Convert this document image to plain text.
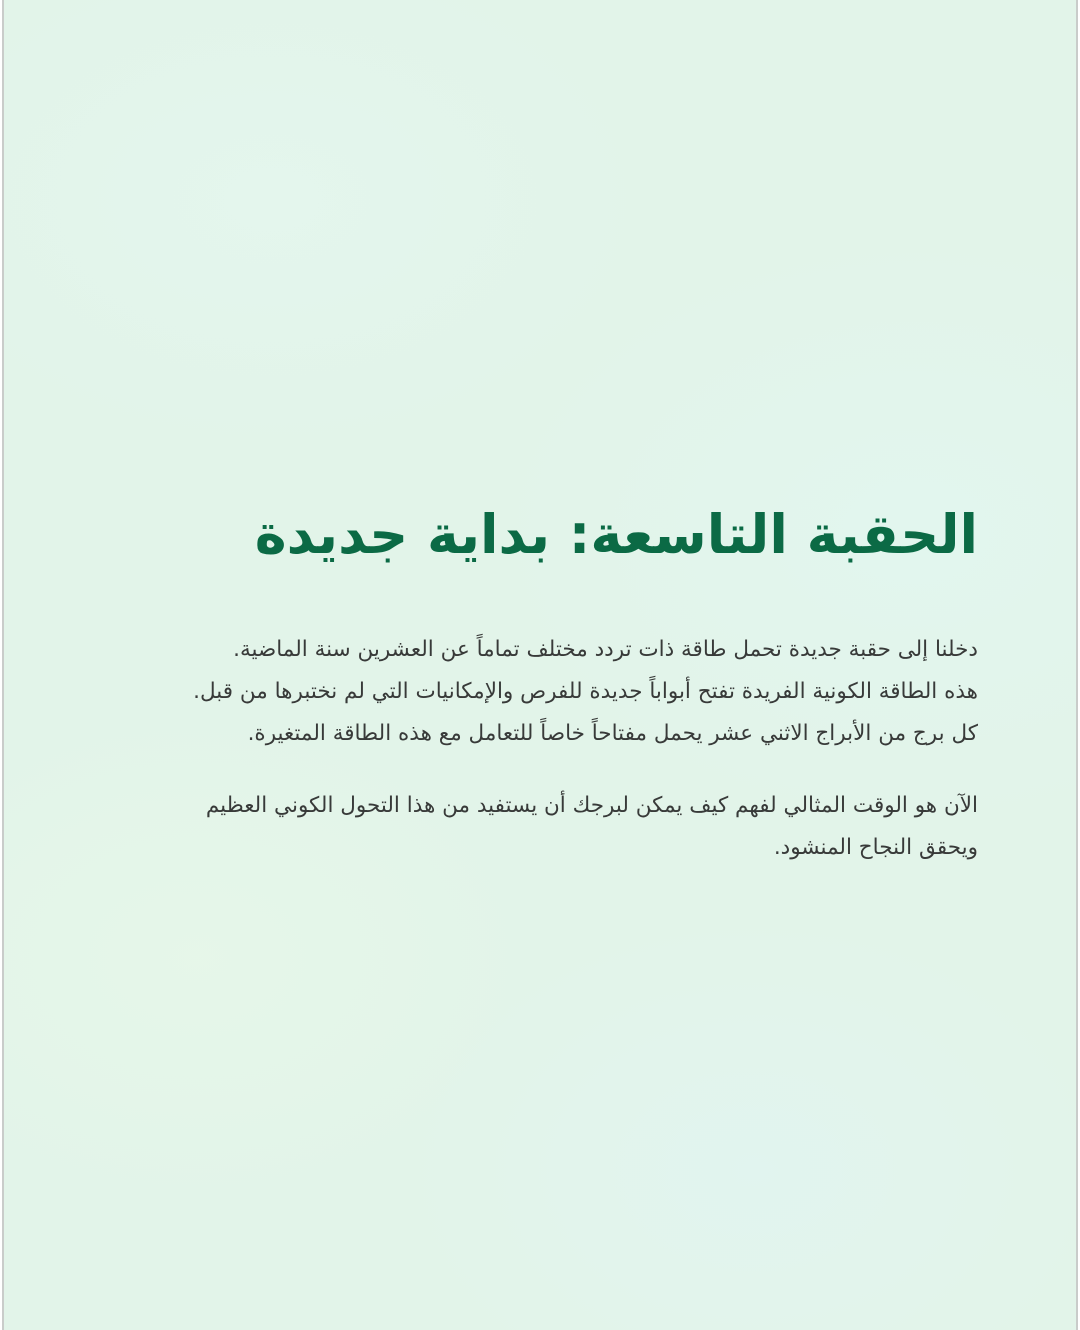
الحقبة التاسعة: بداية جديدة

دخلنا إلى حقبة جديدة تحمل طاقة ذات تردد مختلف تماماً عن العشرين سنة الماضية.
هذه الطاقة الكونية الفريدة تفتح أبواباً جديدة للفرص والإمكانيات التي لم نختبرها من قبل.
كل برج من الأبراج الاثني عشر يحمل مفتاحاً خاصاً للتعامل مع هذه الطاقة المتغيرة.

الآن هو الوقت المثالي لفهم كيف يمكن لبرجك أن يستفيد من هذا التحول الكوني العظيم
ويحقق النجاح المنشود.
